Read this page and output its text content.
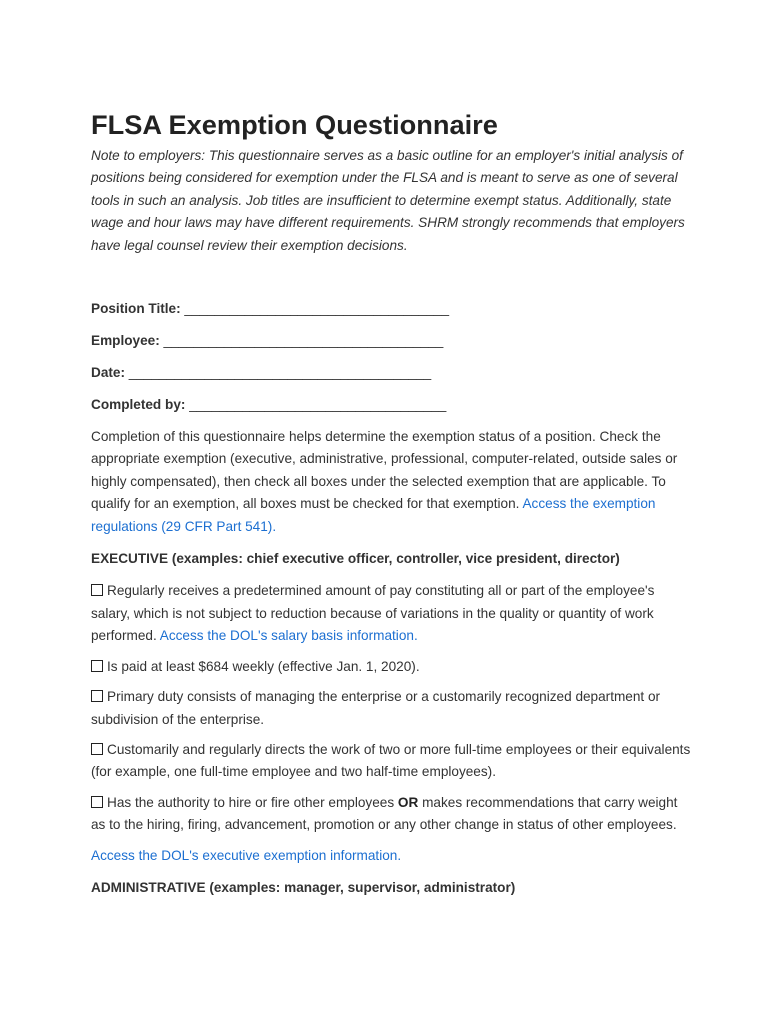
FLSA Exemption Questionnaire

Note to employers: This questionnaire serves as a basic outline for an employer's initial analysis of positions being considered for exemption under the FLSA and is meant to serve as one of several tools in such an analysis. Job titles are insufficient to determine exempt status. Additionally, state wage and hour laws may have different requirements. SHRM strongly recommends that employers have legal counsel review their exemption decisions.

Position Title: ___________________________________
Employee: _____________________________________
Date: ________________________________________
Completed by: __________________________________

Completion of this questionnaire helps determine the exemption status of a position. Check the appropriate exemption (executive, administrative, professional, computer-related, outside sales or highly compensated), then check all boxes under the selected exemption that are applicable. To qualify for an exemption, all boxes must be checked for that exemption. Access the exemption regulations (29 CFR Part 541).

EXECUTIVE (examples: chief executive officer, controller, vice president, director)

Regularly receives a predetermined amount of pay constituting all or part of the employee's salary, which is not subject to reduction because of variations in the quality or quantity of work performed. Access the DOL's salary basis information.

Is paid at least $684 weekly (effective Jan. 1, 2020).

Primary duty consists of managing the enterprise or a customarily recognized department or subdivision of the enterprise.

Customarily and regularly directs the work of two or more full-time employees or their equivalents (for example, one full-time employee and two half-time employees).

Has the authority to hire or fire other employees OR makes recommendations that carry weight as to the hiring, firing, advancement, promotion or any other change in status of other employees.

Access the DOL's executive exemption information.

ADMINISTRATIVE (examples: manager, supervisor, administrator)
